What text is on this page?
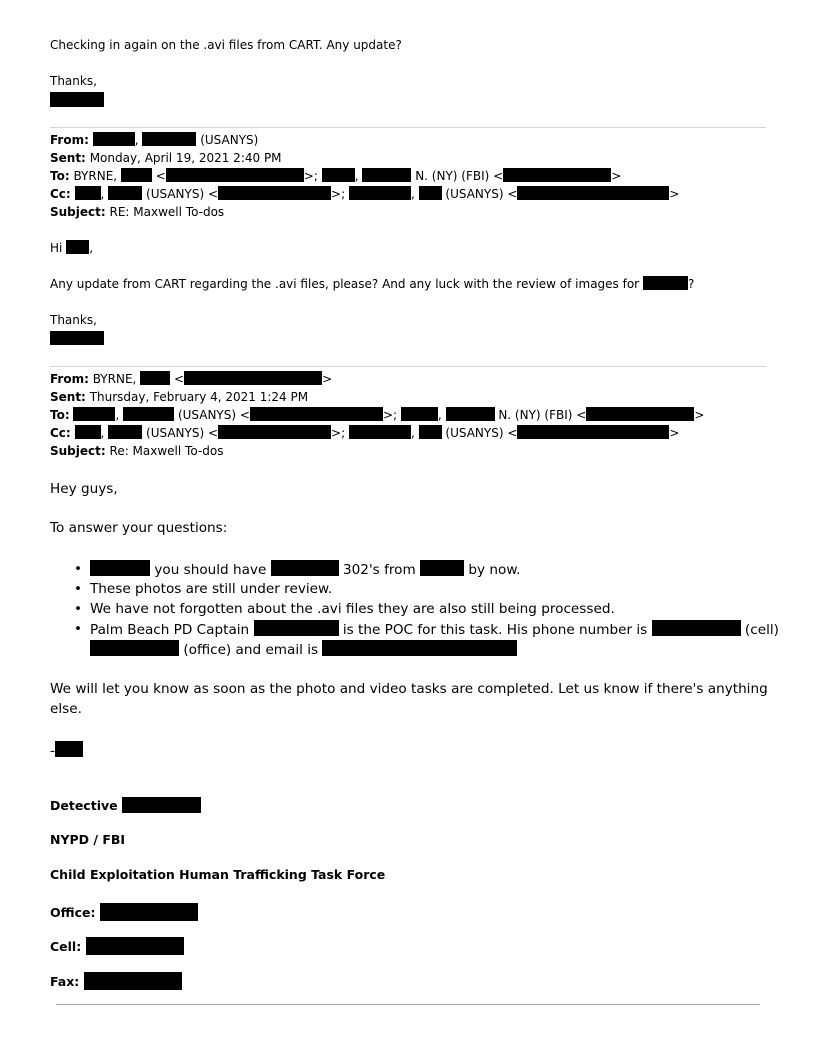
Checking in again on the .avi files from CART. Any update?
Thanks,
From:	,	(USANYS)
Sent: Monday, April 19, 2021 2:40 PM
To: BYRNE,	<	>;	,	N. (NY) (FBI) <	>
Cc: ,	(USANYS) <	>;	,  (USANYS) <	>
Subject: RE: Maxwell To-dos
Hi ,
Any update from CART regarding the .avi files, please? And any luck with the review of images for	?
Thanks,
From: BYRNE,	<	>
Sent: Thursday, February 4, 2021 1:24 PM
To:	,	(USANYS) <	>;	,	N. (NY) (FBI) <	>
Cc: ,	(USANYS) <	>;	,  (USANYS) <	>
Subject: Re: Maxwell To-dos
Hey guys,
To answer your questions:
•	you should have	302's from	by now.
• These photos are still under review.
• We have not forgotten about the .avi files they are also still being processed.
• Palm Beach PD Captain	is the POC for this task. His phone number is	(cell)
(office) and email is
We will let you know as soon as the photo and video tasks are completed. Let us know if there's anything
else.
-
Detective
NYPD / FBI
Child Exploitation Human Trafficking Task Force
Office:
Cell:
Fax:
